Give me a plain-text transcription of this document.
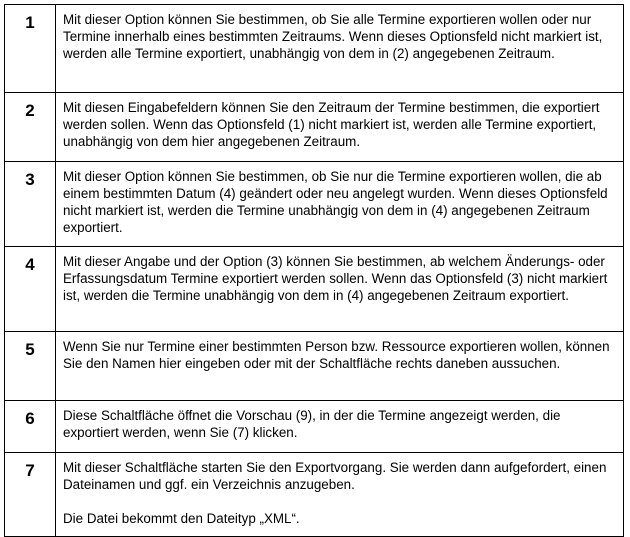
1	Mit dieser Option können Sie bestimmen, ob Sie alle Termine exportieren wollen oder nur Termine innerhalb eines bestimmten Zeitraums. Wenn dieses Optionsfeld nicht markiert ist, werden alle Termine exportiert, unabhängig von dem in (2) angegebenen Zeitraum.

2	Mit diesen Eingabefeldern können Sie den Zeitraum der Termine bestimmen, die exportiert werden sollen. Wenn das Optionsfeld (1) nicht markiert ist, werden alle Termine exportiert, unabhängig von dem hier angegebenen Zeitraum.

3	Mit dieser Option können Sie bestimmen, ob Sie nur die Termine exportieren wollen, die ab einem bestimmten Datum (4) geändert oder neu angelegt wurden. Wenn dieses Optionsfeld nicht markiert ist, werden die Termine unabhängig von dem in (4) angegebenen Zeitraum exportiert.

4	Mit dieser Angabe und der Option (3) können Sie bestimmen, ab welchem Änderungs- oder Erfassungsdatum Termine exportiert werden sollen. Wenn das Optionsfeld (3) nicht markiert ist, werden die Termine unabhängig von dem in (4) angegebenen Zeitraum exportiert.

5	Wenn Sie nur Termine einer bestimmten Person bzw. Ressource exportieren wollen, können Sie den Namen hier eingeben oder mit der Schaltfläche rechts daneben aussuchen.

6	Diese Schaltfläche öffnet die Vorschau (9), in der die Termine angezeigt werden, die exportiert werden, wenn Sie (7) klicken.

7	Mit dieser Schaltfläche starten Sie den Exportvorgang. Sie werden dann aufgefordert, einen Dateinamen und ggf. ein Verzeichnis anzugeben.

Die Datei bekommt den Dateityp „XML“.
